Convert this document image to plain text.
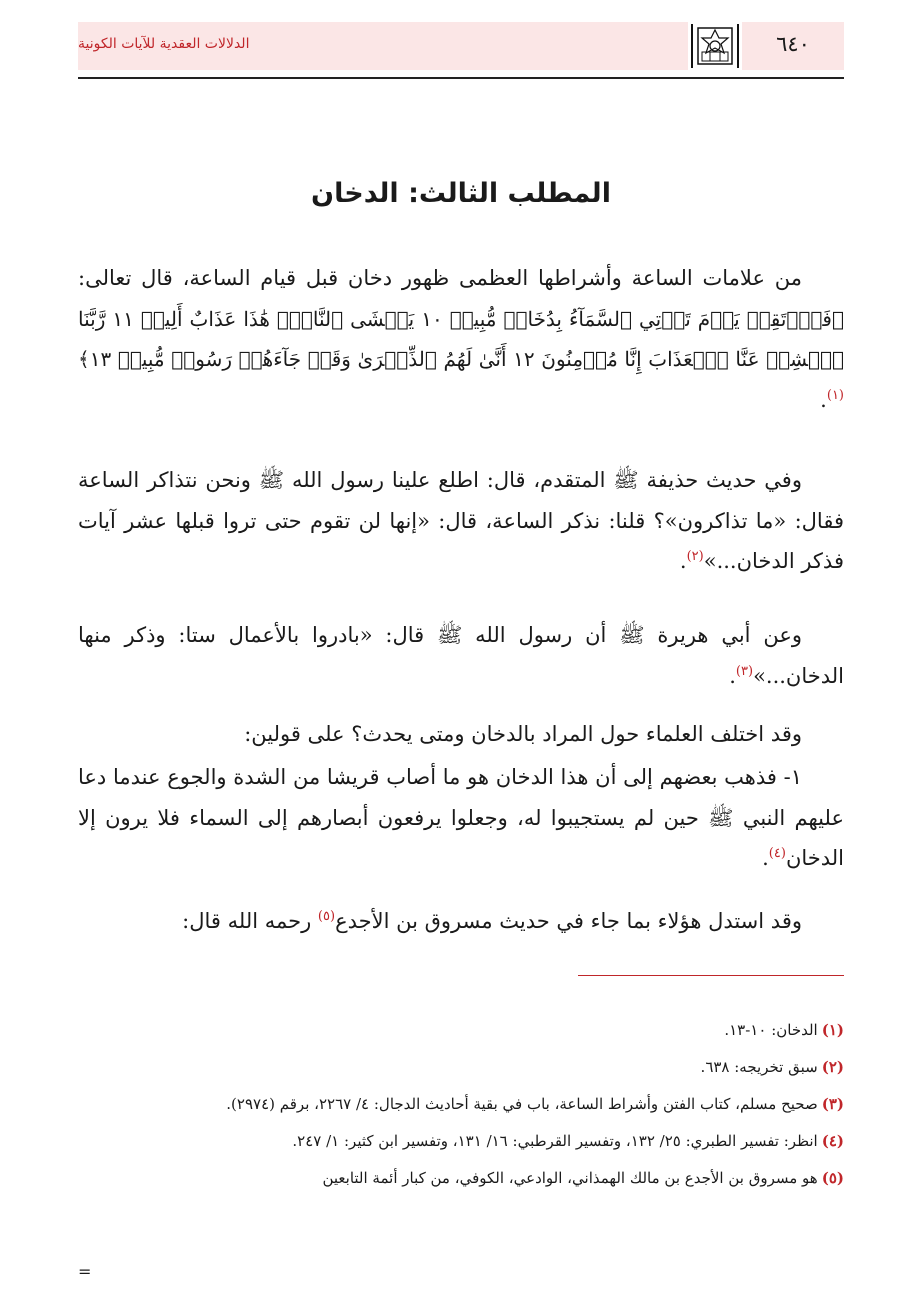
الدلالات العقدية للآيات الكونية	٦٤٠
المطلب الثالث: الدخان

من علامات الساعة وأشراطها العظمى ظهور دخان قبل قيام الساعة، قال تعالى: ﴿فَٱرۡتَقِبۡ يَوۡمَ تَأۡتِي ٱلسَّمَآءُ بِدُخَانٖ مُّبِينٖ ١٠ يَغۡشَى ٱلنَّاسَۖ هَٰذَا عَذَابٌ أَلِيمٞ ١١ رَّبَّنَا ٱكۡشِفۡ عَنَّا ٱلۡعَذَابَ إِنَّا مُؤۡمِنُونَ ١٢ أَنَّىٰ لَهُمُ ٱلذِّكۡرَىٰ وَقَدۡ جَآءَهُمۡ رَسُولٞ مُّبِينٞ ١٣﴾$^{(١)}$.

وفي حديث حذيفة ﷺ المتقدم، قال: اطلع علينا رسول الله ﷺ ونحن نتذاكر الساعة فقال: «ما تذاكرون»؟ قلنا: نذكر الساعة، قال: «إنها لن تقوم حتى تروا قبلها عشر آيات فذكر الدخان...»$^{(٢)}$.

وعن أبي هريرة ﷺ أن رسول الله ﷺ قال: «بادروا بالأعمال ستا: وذكر منها الدخان...»$^{(٣)}$.

وقد اختلف العلماء حول المراد بالدخان ومتى يحدث؟ على قولين:

١- فذهب بعضهم إلى أن هذا الدخان هو ما أصاب قريشا من الشدة والجوع عندما دعا عليهم النبي ﷺ حين لم يستجيبوا له، وجعلوا يرفعون أبصارهم إلى السماء فلا يرون إلا الدخان$^{(٤)}$.

وقد استدل هؤلاء بما جاء في حديث مسروق بن الأجدع$^{(٥)}$ رحمه الله قال:

(١)الدخان: ١٠-١٣.
(٢)سبق تخريجه: ٦٣٨.
(٣)صحيح مسلم، كتاب الفتن وأشراط الساعة، باب في بقية أحاديث الدجال: ٤/ ٢٢٦٧، برقم (٢٩٧٤).
(٤)انظر: تفسير الطبري: ٢٥/ ١٣٢، وتفسير القرطبي: ١٦/ ١٣١، وتفسير ابن كثير: ١/ ٢٤٧.
(٥)هو مسروق بن الأجدع بن مالك الهمذاني، الوادعي، الكوفي، من كبار أئمة التابعين
=
